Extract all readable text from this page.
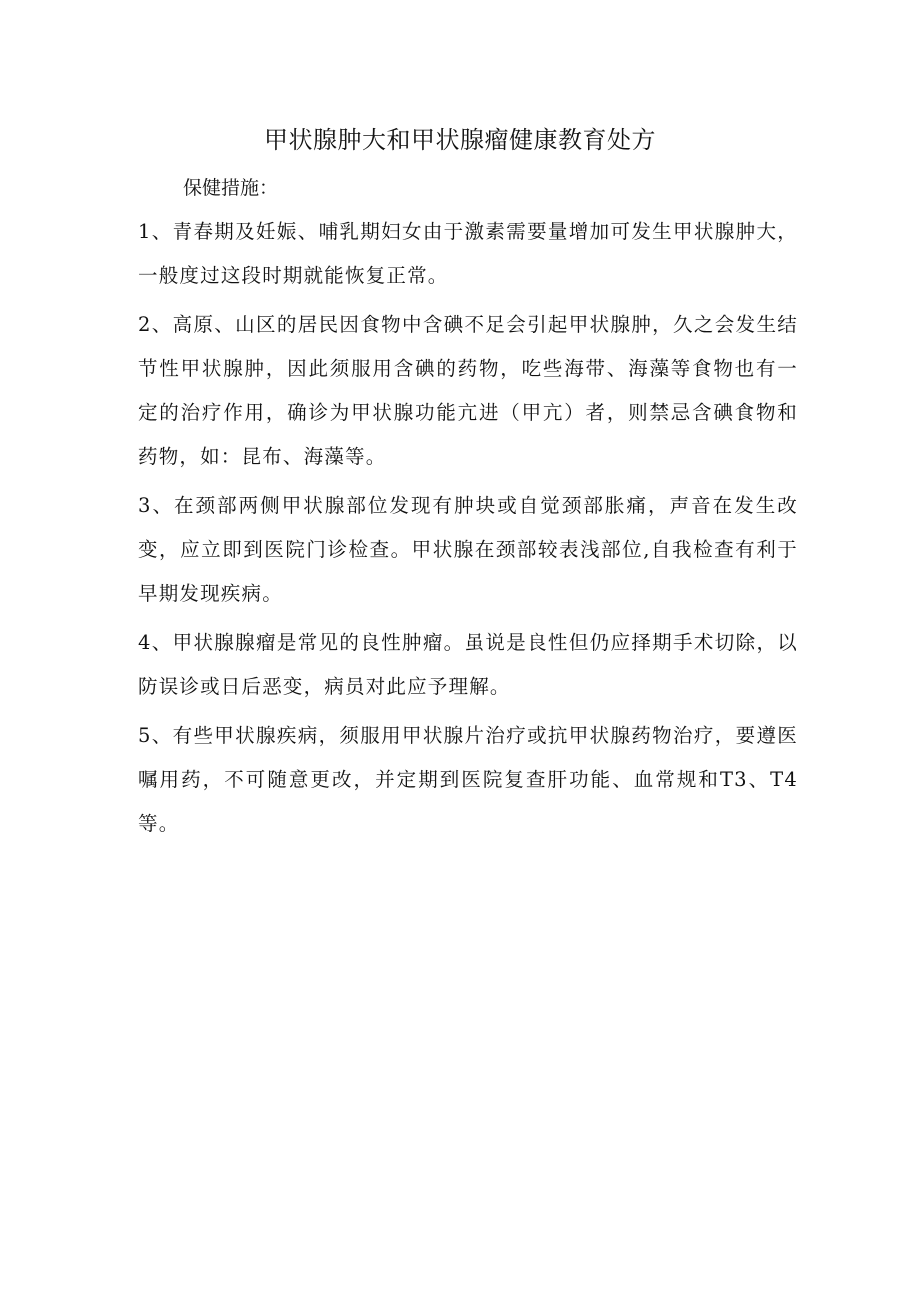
甲状腺肿大和甲状腺瘤健康教育处方

保健措施：

1、青春期及妊娠、哺乳期妇女由于激素需要量增加可发生甲状腺肿大，一般度过这段时期就能恢复正常。

2、高原、山区的居民因食物中含碘不足会引起甲状腺肿，久之会发生结节性甲状腺肿，因此须服用含碘的药物，吃些海带、海藻等食物也有一定的治疗作用，确诊为甲状腺功能亢进（甲亢）者，则禁忌含碘食物和药物，如：昆布、海藻等。

3、在颈部两侧甲状腺部位发现有肿块或自觉颈部胀痛，声音在发生改变，应立即到医院门诊检查。甲状腺在颈部较表浅部位,自我检查有利于早期发现疾病。

4、甲状腺腺瘤是常见的良性肿瘤。虽说是良性但仍应择期手术切除，以防误诊或日后恶变，病员对此应予理解。

5、有些甲状腺疾病，须服用甲状腺片治疗或抗甲状腺药物治疗，要遵医嘱用药，不可随意更改，并定期到医院复查肝功能、血常规和T3、T4等。
